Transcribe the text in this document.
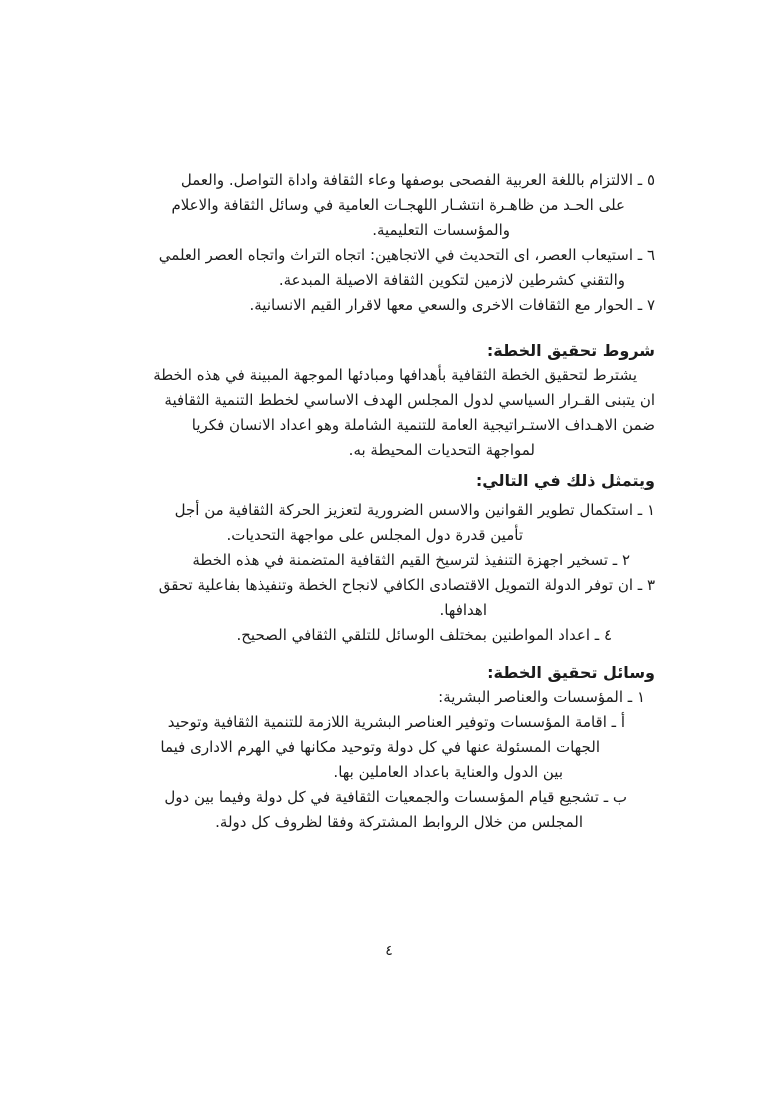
٥ ـ الالتزام باللغة العربية الفصحى بوصفها وعاء الثقافة واداة التواصل. والعمل
على الحـد من ظاهـرة انتشـار اللهجـات العامية في وسائل الثقافة والاعلام
والمؤسسات التعليمية.
٦ ـ استيعاب العصر، اى التحديث في الاتجاهين: اتجاه التراث واتجاه العصر العلمي
والتقني كشرطين لازمين لتكوين الثقافة الاصيلة المبدعة.
٧ ـ الحوار مع الثقافات الاخرى والسعي معها لاقرار القيم الانسانية.
شروط تحقيق الخطة:
يشترط لتحقيق الخطة الثقافية بأهدافها ومبادئها الموجهة المبينة في هذه الخطة
ان يتبنى القـرار السياسي لدول المجلس الهدف الاساسي لخطط التنمية الثقافية
ضمن الاهـداف الاستـراتيجية العامة للتنمية الشاملة وهو اعداد الانسان فكريا
لمواجهة التحديات المحيطة به.
ويتمثل ذلك في التالي:
١ ـ استكمال تطوير القوانين والاسس الضرورية لتعزيز الحركة الثقافية من أجل
تأمين قدرة دول المجلس على مواجهة التحديات.
٢ ـ تسخير اجهزة التنفيذ لترسيخ القيم الثقافية المتضمنة في هذه الخطة
٣ ـ ان توفر الدولة التمويل الاقتصادى الكافي لانجاح الخطة وتنفيذها بفاعلية تحقق
اهدافها.
٤ ـ اعداد المواطنين بمختلف الوسائل للتلقي الثقافي الصحيح.
وسائل تحقيق الخطة:
١ ـ المؤسسات والعناصر البشرية:
أ ـ اقامة المؤسسات وتوفير العناصر البشرية اللازمة للتنمية الثقافية وتوحيد
الجهات المسئولة عنها في كل دولة وتوحيد مكانها في الهرم الادارى فيما
بين الدول والعناية باعداد العاملين بها.
ب ـ تشجيع قيام المؤسسات والجمعيات الثقافية في كل دولة وفيما بين دول
المجلس من خلال الروابط المشتركة وفقا لظروف كل دولة.
٤
